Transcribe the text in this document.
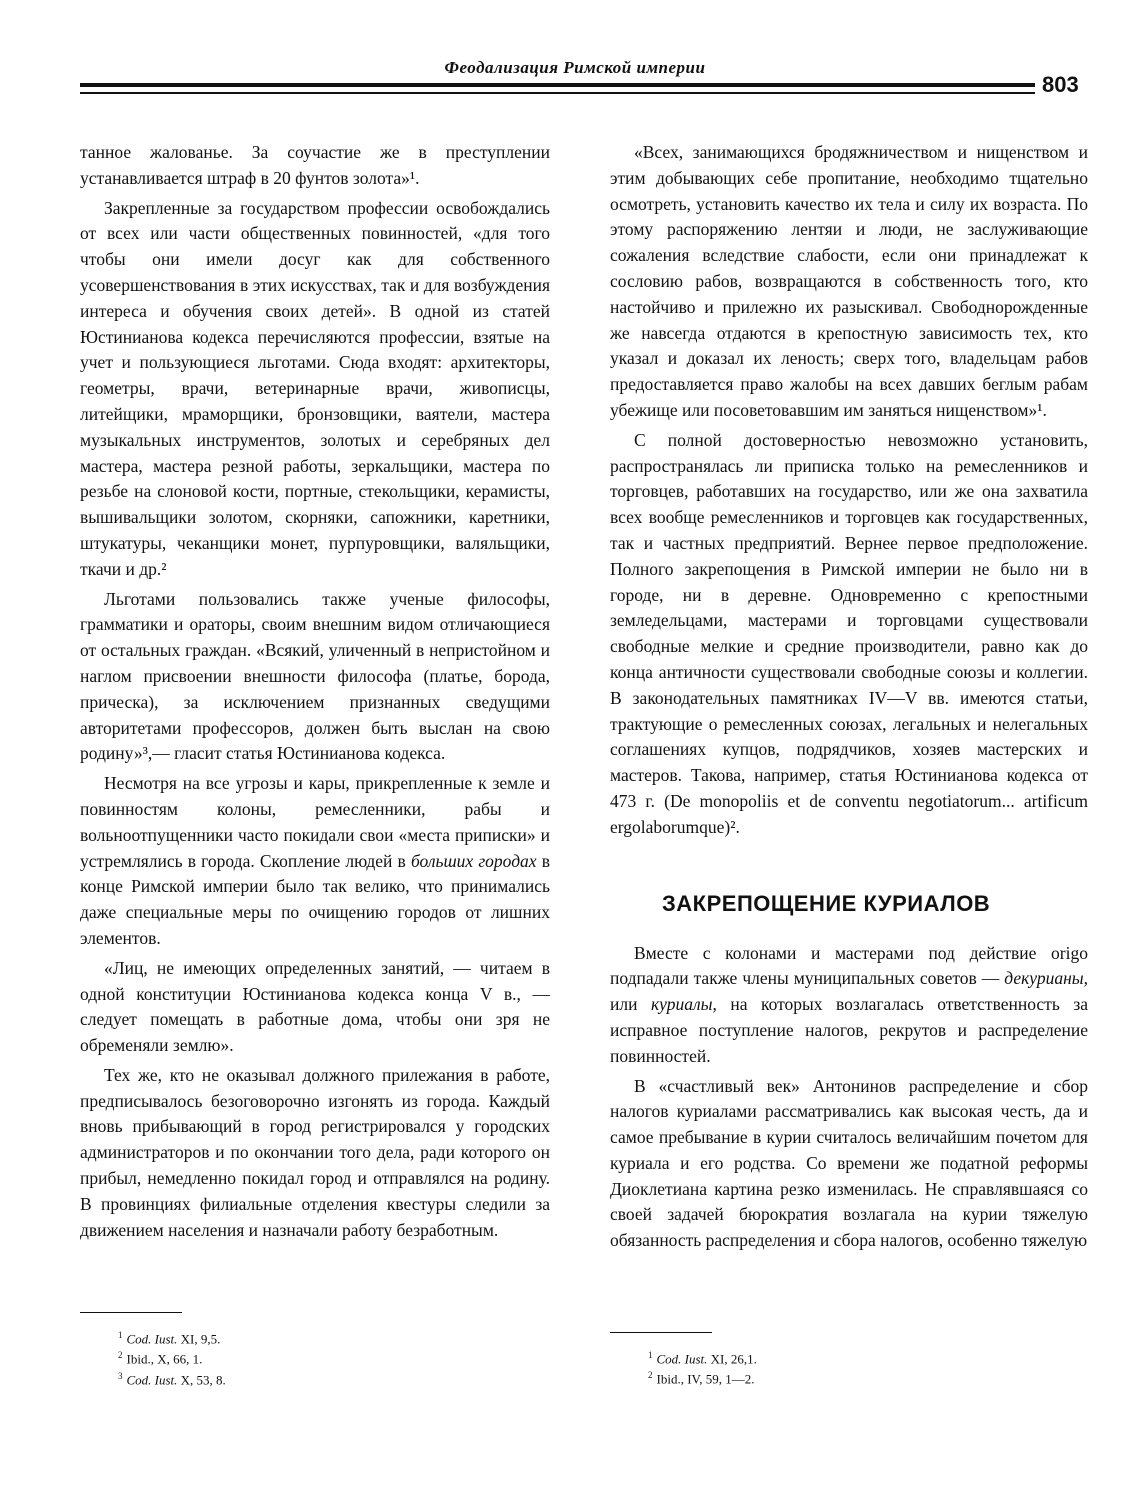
Феодализация Римской империи
803

танное жалованье. За соучастие же в преступлении устанавливается штраф в 20 фунтов золота»¹.

Закрепленные за государством профессии освобождались от всех или части общественных повинностей, «для того чтобы они имели досуг как для собственного усовершенствования в этих искусствах, так и для возбуждения интереса и обучения своих детей». В одной из статей Юстинианова кодекса перечисляются профессии, взятые на учет и пользующиеся льготами. Сюда входят: архитекторы, геометры, врачи, ветеринарные врачи, живописцы, литейщики, мраморщики, бронзовщики, ваятели, мастера музыкальных инструментов, золотых и серебряных дел мастера, мастера резной работы, зеркальщики, мастера по резьбе на слоновой кости, портные, стекольщики, керамисты, вышивальщики золотом, скорняки, сапожники, каретники, штукатуры, чеканщики монет, пурпуровщики, валяльщики, ткачи и др.²

Льготами пользовались также ученые философы, грамматики и ораторы, своим внешним видом отличающиеся от остальных граждан. «Всякий, уличенный в непристойном и наглом присвоении внешности философа (платье, борода, прическа), за исключением признанных сведущими авторитетами профессоров, должен быть выслан на свою родину»³,— гласит статья Юстинианова кодекса.

Несмотря на все угрозы и кары, прикрепленные к земле и повинностям колоны, ремесленники, рабы и вольноотпущенники часто покидали свои «места приписки» и устремлялись в города. Скопление людей в больших городах в конце Римской империи было так велико, что принимались даже специальные меры по очищению городов от лишних элементов.

«Лиц, не имеющих определенных занятий, — читаем в одной конституции Юстинианова кодекса конца V в., — следует помещать в работные дома, чтобы они зря не обременяли землю».

Тех же, кто не оказывал должного прилежания в работе, предписывалось безоговорочно изгонять из города. Каждый вновь прибывающий в город регистрировался у городских администраторов и по окончании того дела, ради которого он прибыл, немедленно покидал город и отправлялся на родину. В провинциях филиальные отделения квестуры следили за движением населения и назначали работу безработным.

«Всех, занимающихся бродяжничеством и нищенством и этим добывающих себе пропитание, необходимо тщательно осмотреть, установить качество их тела и силу их возраста. По этому распоряжению лентяи и люди, не заслуживающие сожаления вследствие слабости, если они принадлежат к сословию рабов, возвращаются в собственность того, кто настойчиво и прилежно их разыскивал. Свободнорожденные же навсегда отдаются в крепостную зависимость тех, кто указал и доказал их леность; сверх того, владельцам рабов предоставляется право жалобы на всех давших беглым рабам убежище или посоветовавшим им заняться нищенством»¹.

С полной достоверностью невозможно установить, распространялась ли приписка только на ремесленников и торговцев, работавших на государство, или же она захватила всех вообще ремесленников и торговцев как государственных, так и частных предприятий. Вернее первое предположение. Полного закрепощения в Римской империи не было ни в городе, ни в деревне. Одновременно с крепостными земледельцами, мастерами и торговцами существовали свободные мелкие и средние производители, равно как до конца античности существовали свободные союзы и коллегии. В законодательных памятниках IV—V вв. имеются статьи, трактующие о ремесленных союзах, легальных и нелегальных соглашениях купцов, подрядчиков, хозяев мастерских и мастеров. Такова, например, статья Юстинианова кодекса от 473 г. (De monopoliis et de conventu negotiatorum... artificum ergolaborumque)².

ЗАКРЕПОЩЕНИЕ КУРИАЛОВ

Вместе с колонами и мастерами под действие origo подпадали также члены муниципальных советов — декурианы, или куриалы, на которых возлагалась ответственность за исправное поступление налогов, рекрутов и распределение повинностей.

В «счастливый век» Антонинов распределение и сбор налогов куриалами рассматривались как высокая честь, да и самое пребывание в курии считалось величайшим почетом для куриала и его родства. Со времени же податной реформы Диоклетиана картина резко изменилась. Не справлявшаяся со своей задачей бюрократия возлагала на курии тяжелую обязанность распределения и сбора налогов, особенно тяжелую

$^1$ Cod. Iust. XI, 9,5.
$^2$ Ibid., X, 66, 1.
$^3$ Cod. Iust. X, 53, 8.
$^1$ Cod. Iust. XI, 26,1.
$^2$ Ibid., IV, 59, 1—2.
